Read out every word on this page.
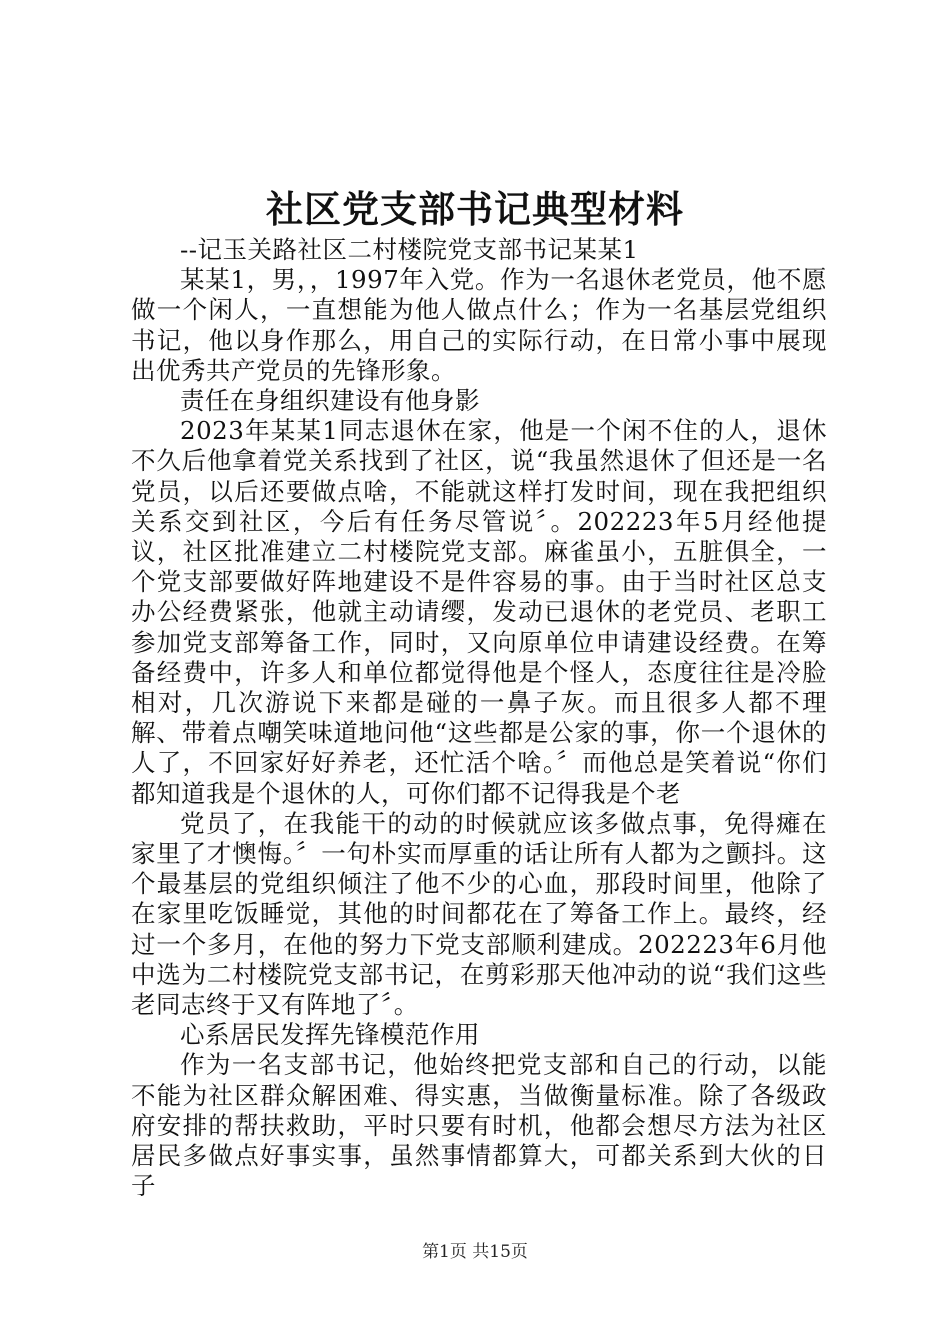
社区党支部书记典型材料

--记玉关路社区二村楼院党支部书记某某1

某某1，男，，1997年入党。作为一名退休老党员，他不愿做一个闲人，一直想能为他人做点什么；作为一名基层党组织书记，他以身作那么，用自己的实际行动，在日常小事中展现出优秀共产党员的先锋形象。

责任在身组织建设有他身影

2023年某某1同志退休在家，他是一个闲不住的人，退休不久后他拿着党关系找到了社区，说“我虽然退休了但还是一名党员，以后还要做点啥，不能就这样打发时间，现在我把组织关系交到社区，今后有任务尽管说〞。202223年5月经他提议，社区批准建立二村楼院党支部。麻雀虽小，五脏俱全，一个党支部要做好阵地建设不是件容易的事。由于当时社区总支办公经费紧张，他就主动请缨，发动已退休的老党员、老职工参加党支部筹备工作，同时，又向原单位申请建设经费。在筹备经费中，许多人和单位都觉得他是个怪人，态度往往是冷脸相对，几次游说下来都是碰的一鼻子灰。而且很多人都不理解、带着点嘲笑味道地问他“这些都是公家的事，你一个退休的人了，不回家好好养老，还忙活个啥。〞而他总是笑着说“你们都知道我是个退休的人，可你们都不记得我是个老

党员了，在我能干的动的时候就应该多做点事，免得瘫在家里了才懊悔。〞一句朴实而厚重的话让所有人都为之颤抖。这个最基层的党组织倾注了他不少的心血，那段时间里，他除了在家里吃饭睡觉，其他的时间都花在了筹备工作上。最终，经过一个多月，在他的努力下党支部顺利建成。202223年6月他中选为二村楼院党支部书记，在剪彩那天他冲动的说“我们这些老同志终于又有阵地了〞。

心系居民发挥先锋模范作用

作为一名支部书记，他始终把党支部和自己的行动，以能不能为社区群众解困难、得实惠，当做衡量标准。除了各级政府安排的帮扶救助，平时只要有时机，他都会想尽方法为社区居民多做点好事实事，虽然事情都算大，可都关系到大伙的日子

第1页 共15页
